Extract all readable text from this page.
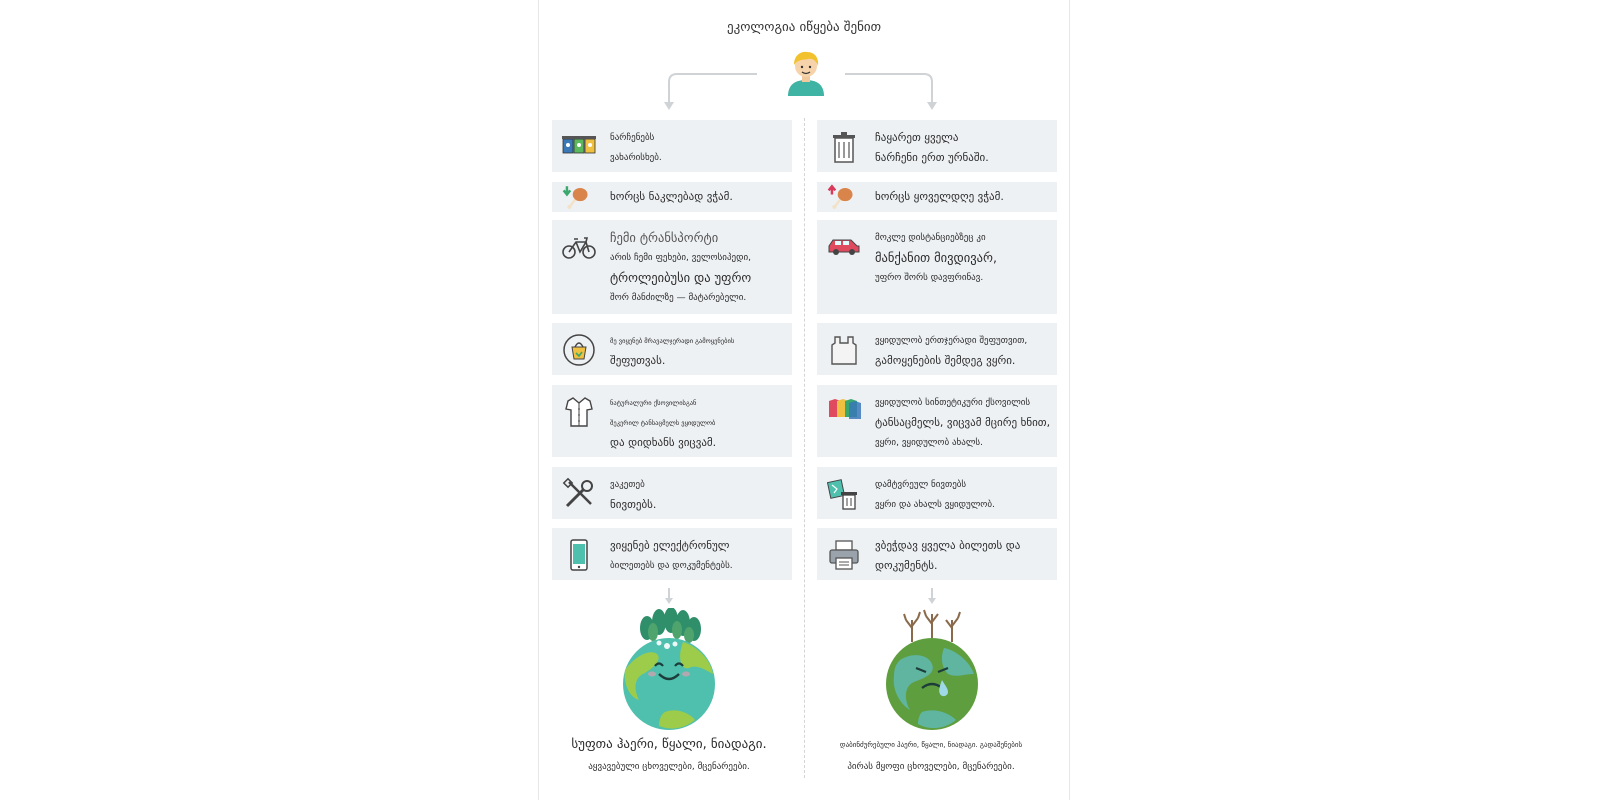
ეკოლოგია იწყება შენით
ნარჩენებს
ვახარისხებ.
ხორცს ნაკლებად ვჭამ.
ჩემი ტრანსპორტი
არის ჩემი ფეხები, ველოსიპედი,
ტროლეიბუსი და უფრო
შორ მანძილზე — მატარებელი.
მე ვიყენებ მრავალჯერადი გამოყენების
შეფუთვას.
ნატურალური ქსოვილისგან
შეკერილ ტანსაცმელს ვყიდულობ
და დიდხანს ვიცვამ.
ვაკეთებ
ნივთებს.
ვიყენებ ელექტრონულ
ბილეთებს და დოკუმენტებს.
ჩაყარეთ ყველა
ნარჩენი ერთ ურნაში.
ხორცს ყოველდღე ვჭამ.
მოკლე დისტანციებზეც კი
მანქანით მივდივარ,
უფრო შორს დავფრინავ.
ვყიდულობ ერთჯერადი შეფუთვით,
გამოყენების შემდეგ ვყრი.
ვყიდულობ სინთეტიკური ქსოვილის
ტანსაცმელს, ვიცვამ მცირე ხნით,
ვყრი, ვყიდულობ ახალს.
დამტვრეულ ნივთებს
ვყრი და ახალს ვყიდულობ.
ვბეჭდავ ყველა ბილეთს და
დოკუმენტს.
სუფთა ჰაერი, წყალი, ნიადაგი.
აყვავებული ცხოველები, მცენარეები.
დაბინძურებული ჰაერი, წყალი, ნიადაგი. გადაშენების
პირას მყოფი ცხოველები, მცენარეები.
